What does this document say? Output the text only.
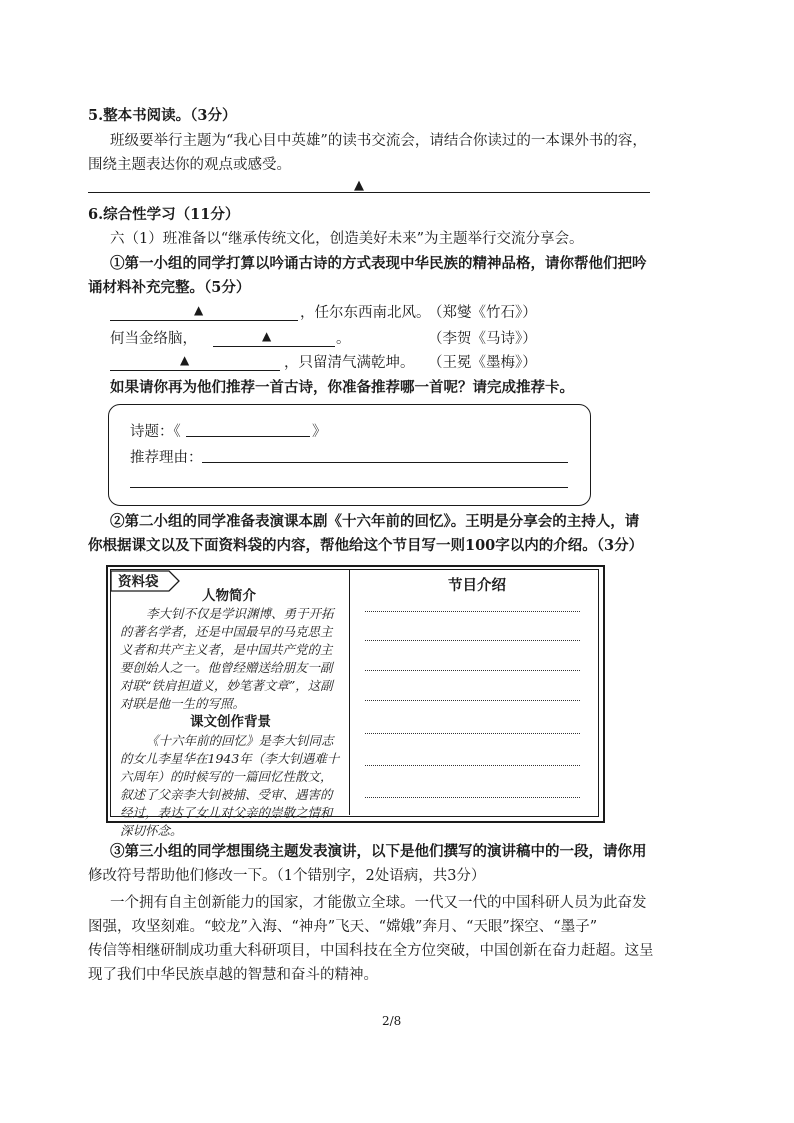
5.整本书阅读。（3分）
班级要举行主题为“我心目中英雄”的读书交流会，请结合你读过的一本课外书的容，
围绕主题表达你的观点或感受。
▲
6.综合性学习（11分）
六（1）班准备以“继承传统文化，创造美好未来”为主题举行交流分享会。
①第一小组的同学打算以吟诵古诗的方式表现中华民族的精神品格，请你帮他们把吟
诵材料补充完整。（5分）
▲	，任尔东西南北风。
（郑燮《竹石》）
何当金络脑，	▲	。	（李贺《马诗》）
▲	，只留清气满乾坤。 （王冕《墨梅》）
如果请你再为他们推荐一首古诗，你准备推荐哪一首呢？请完成推荐卡。
诗题：《	》
推荐理由：
②第二小组的同学准备表演课本剧《十六年前的回忆》。王明是分享会的主持人，请
你根据课文以及下面资料袋的内容，帮他给这个节目写一则100字以内的介绍。（3分）
资料袋
人物简介
李大钊不仅是学识渊博、勇于开拓
的著名学者，还是中国最早的马克思主
义者和共产主义者，是中国共产党的主
要创始人之一。他曾经赠送给朋友一副
对联“铁肩担道义，妙笔著文章”，这副
对联是他一生的写照。
课文创作背景
《十六年前的回忆》是李大钊同志
的女儿李星华在1943年（李大钊遇难十
六周年）的时候写的一篇回忆性散文，
叙述了父亲李大钊被捕、受审、遇害的
经过，表达了女儿对父亲的崇敬之情和
深切怀念。
节目介绍
③第三小组的同学想围绕主题发表演讲，以下是他们撰写的演讲稿中的一段，请你用
修改符号帮助他们修改一下。（1个错别字，2处语病，共3分）
一个拥有自主创新能力的国家，才能傲立全球。一代又一代的中国科研人员为此奋发
图强，攻坚刻难。“蛟龙”入海、“神舟”飞天、“嫦娥”奔月、“天眼”探空、“墨子”
传信等相继研制成功重大科研项目，中国科技在全方位突破，中国创新在奋力赶超。这呈
现了我们中华民族卓越的智慧和奋斗的精神。
2/8
